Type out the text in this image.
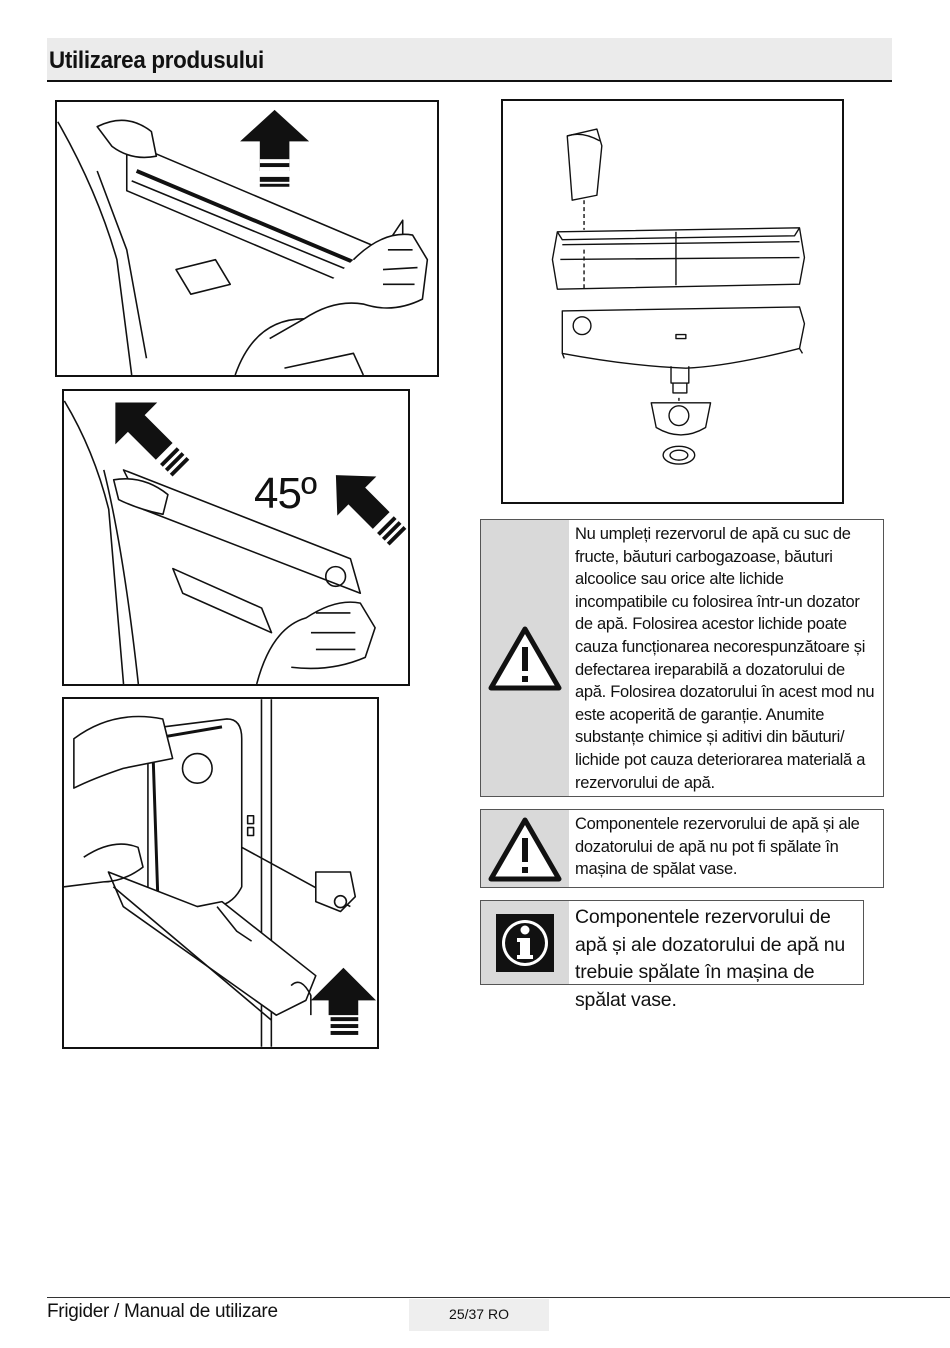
Utilizarea produsului
45º
Nu umpleți rezervorul de apă cu suc de fructe, băuturi carbogazoase, băuturi alcoolice sau orice alte lichide incompatibile cu folosirea într-un dozator de apă. Folosirea acestor lichide poate cauza funcționarea necorespunzătoare și defectarea ireparabilă a dozatorului de apă. Folosirea dozatorului în acest mod nu este acoperită de garanție. Anumite substanțe chimice și aditivi din băuturi/ lichide pot cauza deteriorarea materială a rezervorului de apă.
Componentele rezervorului de apă și ale dozatorului de apă nu pot fi spălate în mașina de spălat vase.
Componentele rezervorului de apă și ale dozatorului de apă nu trebuie spălate în mașina de spălat vase.
Frigider / Manual de utilizare	25/37 RO
